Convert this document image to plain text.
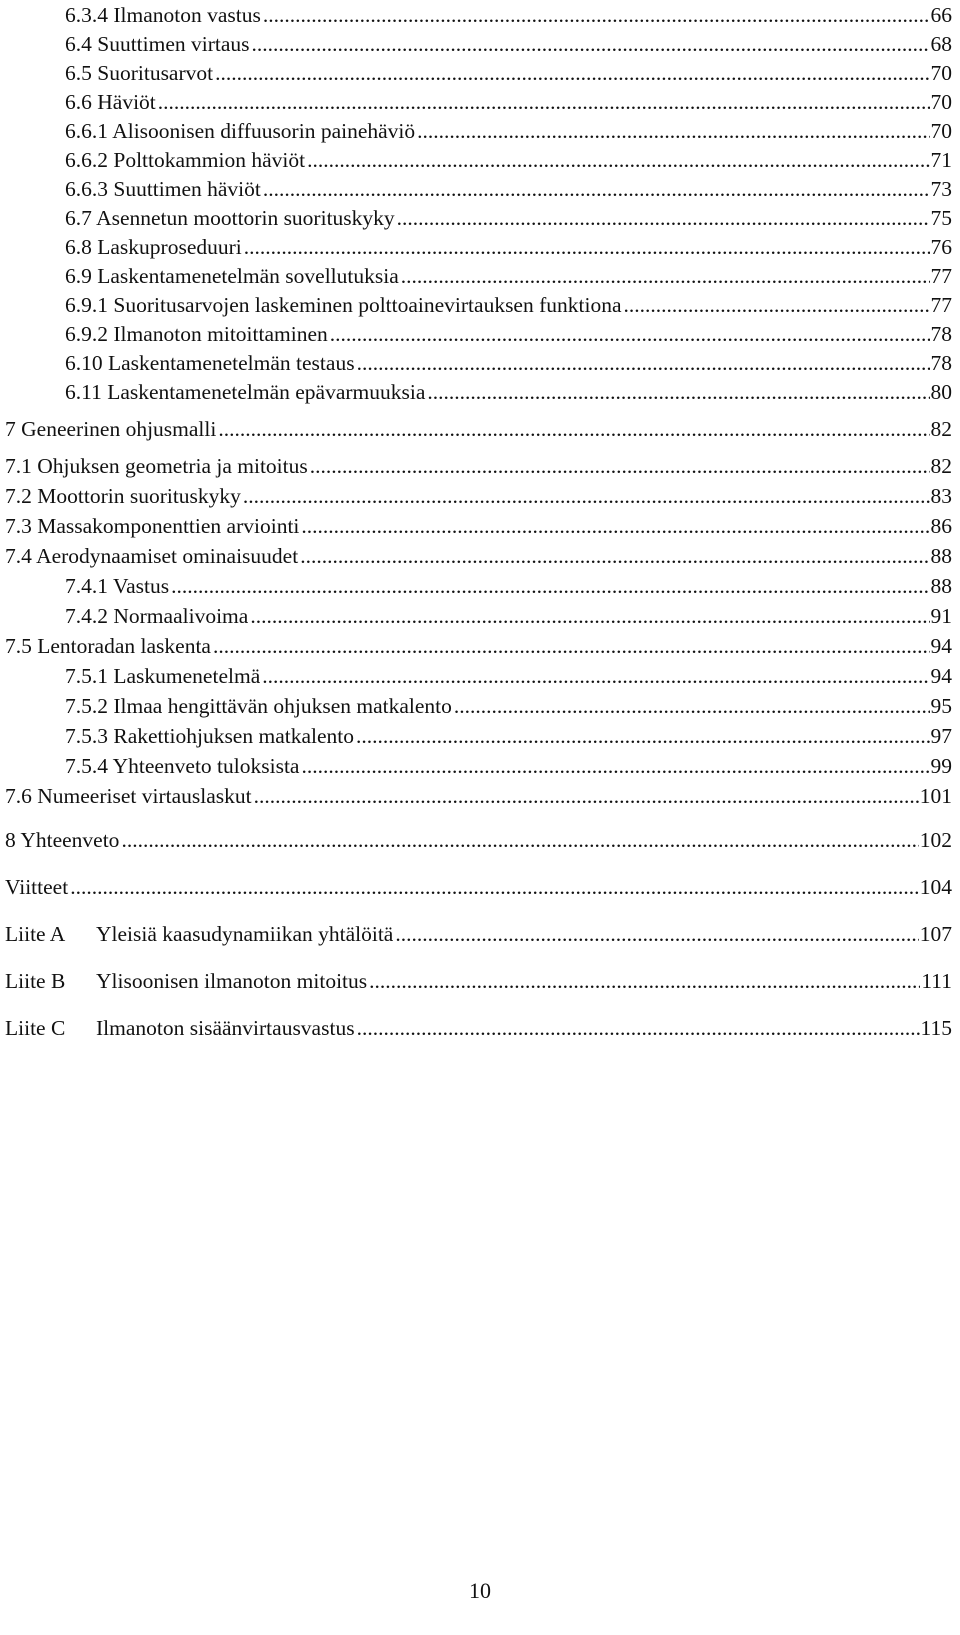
6.3.4 Ilmanoton vastus .....	66
6.4 Suuttimen virtaus .....	68
6.5 Suoritusarvot .....	70
6.6 Häviöt .....	70
6.6.1 Alisoonisen diffuusorin painehäviö .....	70
6.6.2 Polttokammion häviöt .....	71
6.6.3 Suuttimen häviöt .....	73
6.7 Asennetun moottorin suorituskyky .....	75
6.8 Laskuproseduuri .....	76
6.9 Laskentamenetelmän sovellutuksia .....	77
6.9.1 Suoritusarvojen laskeminen polttoainevirtauksen funktiona .....	77
6.9.2 Ilmanoton mitoittaminen .....	78
6.10 Laskentamenetelmän testaus .....	78
6.11 Laskentamenetelmän epävarmuuksia .....	80
7 Geneerinen ohjusmalli .....	82
7.1 Ohjuksen geometria ja mitoitus .....	82
7.2 Moottorin suorituskyky .....	83
7.3 Massakomponenttien arviointi .....	86
7.4 Aerodynaamiset ominaisuudet .....	88
7.4.1 Vastus .....	88
7.4.2 Normaalivoima .....	91
7.5 Lentoradan laskenta .....	94
7.5.1 Laskumenetelmä .....	94
7.5.2 Ilmaa hengittävän ohjuksen matkalento .....	95
7.5.3 Rakettiohjuksen matkalento .....	97
7.5.4 Yhteenveto tuloksista .....	99
7.6 Numeeriset virtauslaskut .....	101
8 Yhteenveto .....	102
Viitteet .....	104
Liite A Yleisiä kaasudynamiikan yhtälöitä .....	107
Liite B Ylisoonisen ilmanoton mitoitus .....	111
Liite C Ilmanoton sisäänvirtausvastus .....	115
10
